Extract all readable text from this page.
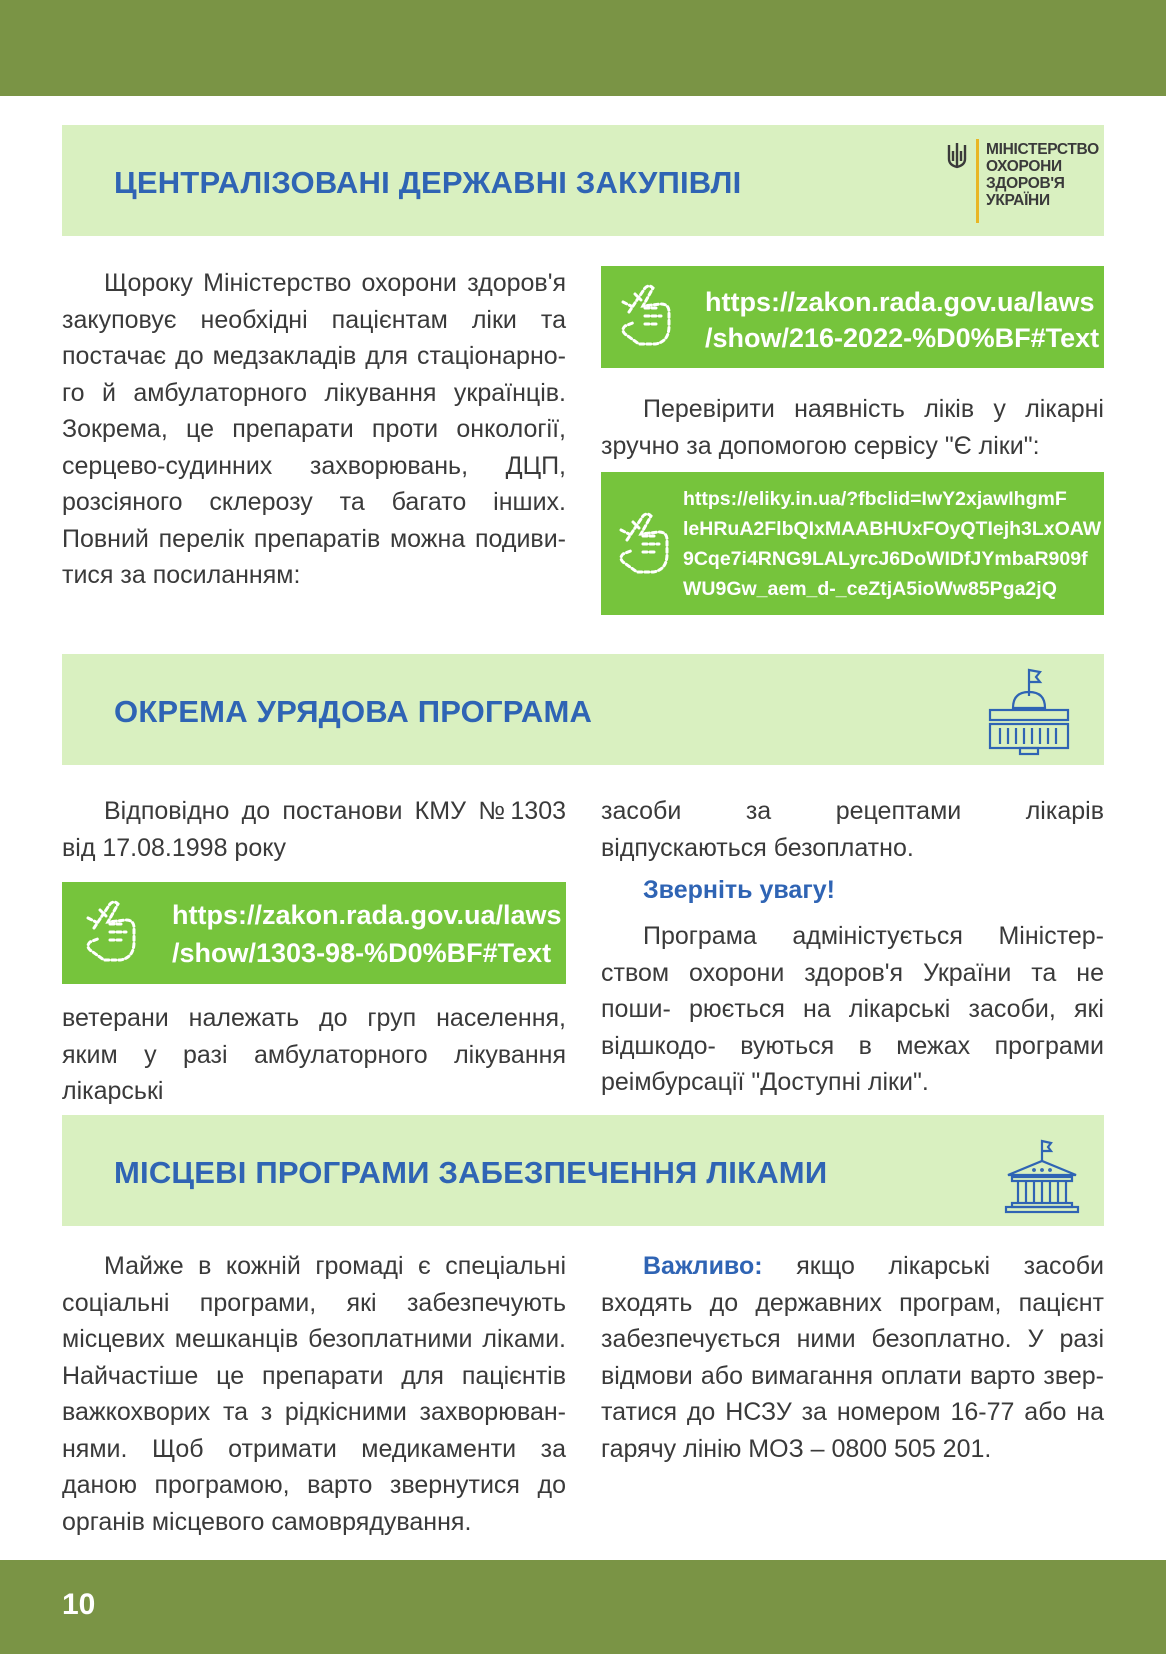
ЦЕНТРАЛІЗОВАНІ ДЕРЖАВНІ ЗАКУПІВЛІ
МІНІСТЕРСТВО
ОХОРОНИ
ЗДОРОВ'Я
УКРАЇНИ
Щороку Міністерство охорони здоров'я закуповує необхідні пацієнтам ліки та постачає до медзакладів для стаціонарно- го й амбулаторного лікування українців. Зокрема, це препарати проти онкології, серцево-судинних захворювань, ДЦП, розсіяного склерозу та багато інших. Повний перелік препаратів можна подиви- тися за посиланням:
https://zakon.rada.gov.ua/laws
/show/216-2022-%D0%BF#Text
Перевірити наявність ліків у лікарні зручно за допомогою сервісу "Є ліки":
https://eliky.in.ua/?fbclid=IwY2xjawIhgmF
leHRuA2FlbQIxMAABHUxFOyQTIejh3LxOAW
9Cqe7i4RNG9LALyrcJ6DoWIDfJYmbaR909f
WU9Gw_aem_d-_ceZtjA5ioWw85Pga2jQ
ОКРЕМА УРЯДОВА ПРОГРАМА
Відповідно до постанови КМУ №1303 від 17.08.1998 року
https://zakon.rada.gov.ua/laws
/show/1303-98-%D0%BF#Text
ветерани належать до груп населення, яким у разі амбулаторного лікування лікарські
засоби за рецептами лікарів відпускаються безоплатно.
Зверніть увагу!
Програма адміністується Міністер- ством охорони здоров'я України та не поши- рюється на лікарські засоби, які відшкодо- вуються в межах програми реімбурсації "Доступні ліки".
МІСЦЕВІ ПРОГРАМИ ЗАБЕЗПЕЧЕННЯ ЛІКАМИ
Майже в кожній громаді є спеціальні соціальні програми, які забезпечують місцевих мешканців безоплатними ліками. Найчастіше це препарати для пацієнтів важкохворих та з рідкісними захворюван- нями. Щоб отримати медикаменти за даною програмою, варто звернутися до органів місцевого самоврядування.
Важливо: якщо лікарські засоби входять до державних програм, пацієнт забезпечується ними безоплатно. У разі відмови або вимагання оплати варто звер- татися до НСЗУ за номером 16-77 або на гарячу лінію МОЗ – 0800 505 201.
10
